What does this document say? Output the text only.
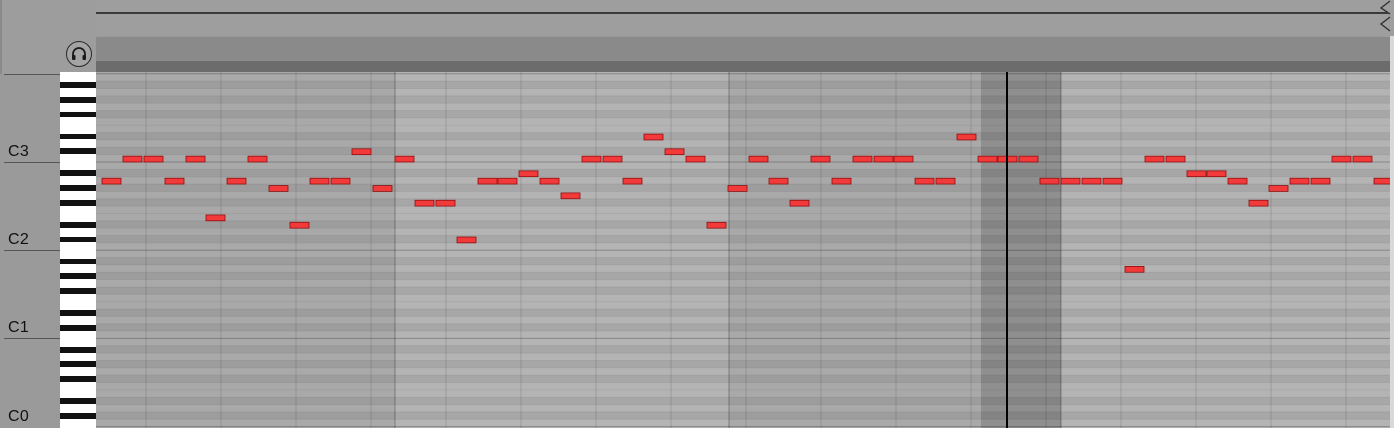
C3
C2
C1
C0
